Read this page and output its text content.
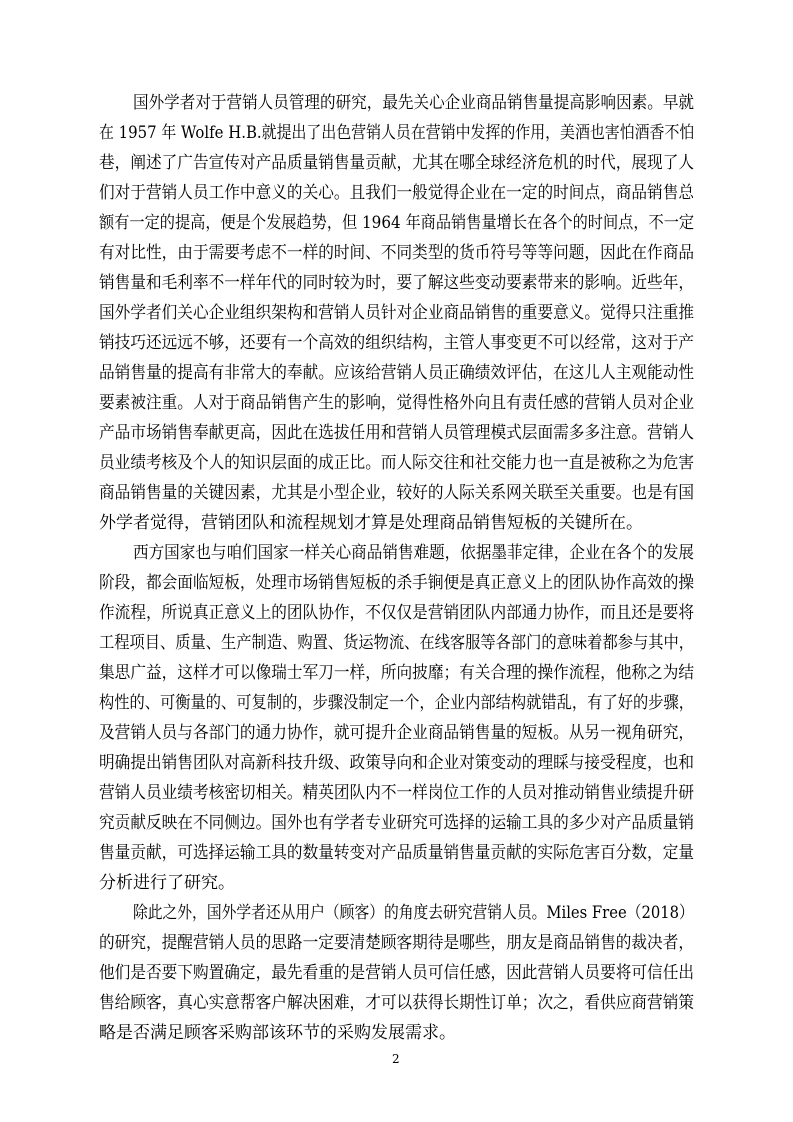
国外学者对于营销人员管理的研究，最先关心企业商品销售量提高影响因素。早就
在 1957 年 Wolfe H.B.就提出了出色营销人员在营销中发挥的作用，美酒也害怕酒香不怕
巷，阐述了广告宣传对产品质量销售量贡献，尤其在哪全球经济危机的时代，展现了人
们对于营销人员工作中意义的关心。且我们一般觉得企业在一定的时间点，商品销售总
额有一定的提高，便是个发展趋势，但 1964 年商品销售量增长在各个的时间点，不一定
有对比性，由于需要考虑不一样的时间、不同类型的货币符号等等问题，因此在作商品
销售量和毛利率不一样年代的同时较为时，要了解这些变动要素带来的影响。近些年，
国外学者们关心企业组织架构和营销人员针对企业商品销售的重要意义。觉得只注重推
销技巧还远远不够，还要有一个高效的组织结构，主管人事变更不可以经常，这对于产
品销售量的提高有非常大的奉献。应该给营销人员正确绩效评估，在这儿人主观能动性
要素被注重。人对于商品销售产生的影响，觉得性格外向且有责任感的营销人员对企业
产品市场销售奉献更高，因此在选拔任用和营销人员管理模式层面需多多注意。营销人
员业绩考核及个人的知识层面的成正比。而人际交往和社交能力也一直是被称之为危害
商品销售量的关键因素，尤其是小型企业，较好的人际关系网关联至关重要。也是有国
外学者觉得，营销团队和流程规划才算是处理商品销售短板的关键所在。
西方国家也与咱们国家一样关心商品销售难题，依据墨菲定律，企业在各个的发展
阶段，都会面临短板，处理市场销售短板的杀手锏便是真正意义上的团队协作高效的操
作流程，所说真正意义上的团队协作，不仅仅是营销团队内部通力协作，而且还是要将
工程项目、质量、生产制造、购置、货运物流、在线客服等各部门的意味着都参与其中，
集思广益，这样才可以像瑞士军刀一样，所向披靡；有关合理的操作流程，他称之为结
构性的、可衡量的、可复制的，步骤没制定一个，企业内部结构就错乱，有了好的步骤，
及营销人员与各部门的通力协作，就可提升企业商品销售量的短板。从另一视角研究，
明确提出销售团队对高新科技升级、政策导向和企业对策变动的理睬与接受程度，也和
营销人员业绩考核密切相关。精英团队内不一样岗位工作的人员对推动销售业绩提升研
究贡献反映在不同侧边。国外也有学者专业研究可选择的运输工具的多少对产品质量销
售量贡献，可选择运输工具的数量转变对产品质量销售量贡献的实际危害百分数，定量
分析进行了研究。
除此之外，国外学者还从用户（顾客）的角度去研究营销人员。Miles Free（2018）
的研究，提醒营销人员的思路一定要清楚顾客期待是哪些，朋友是商品销售的裁决者，
他们是否要下购置确定，最先看重的是营销人员可信任感，因此营销人员要将可信任出
售给顾客，真心实意帮客户解决困难，才可以获得长期性订单；次之，看供应商营销策
略是否满足顾客采购部该环节的采购发展需求。
2
